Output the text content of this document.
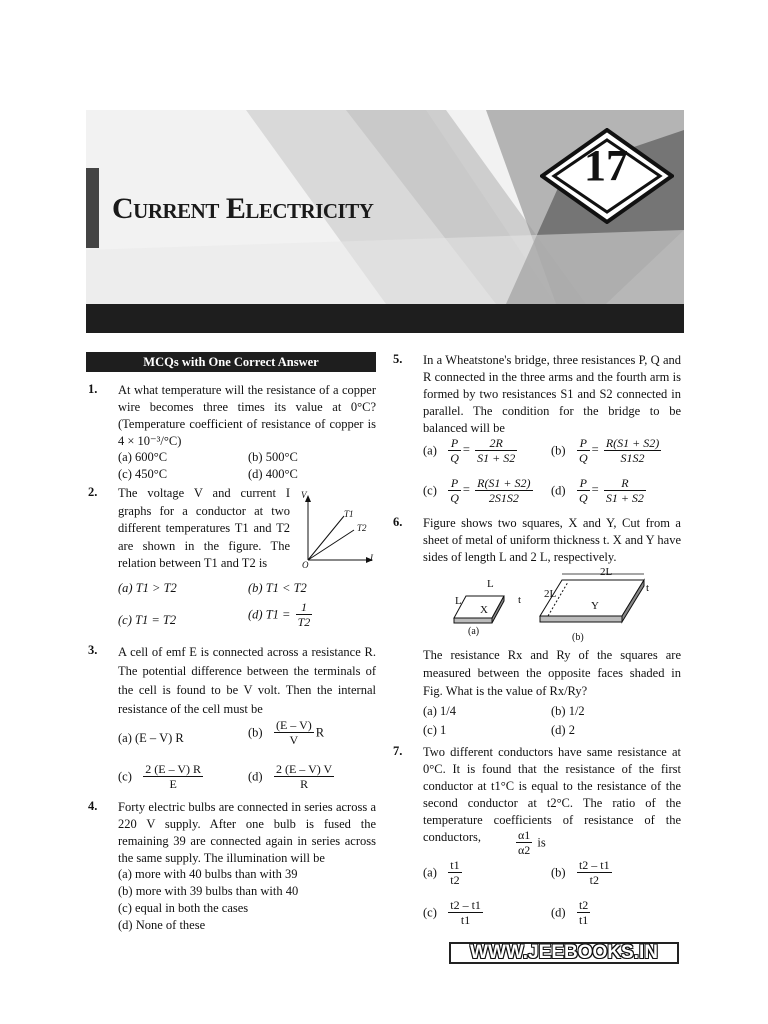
17
Current Electricity
MCQs with One Correct Answer
1. At what temperature will the resistance of a copper wire becomes three times its value at 0°C? (Temperature coefficient of resistance of copper is 4 × 10⁻³/°C)
(a) 600°C	(b) 500°C
(c) 450°C	(d) 400°C
2. The voltage V and current I graphs for a conductor at two different temperatures T1 and T2 are shown in the figure. The relation between T1 and T2 is
V
I
O
T1
T2
(a) T1 > T2	(b) T1 < T2
(c) T1 = T2	(d) $T1 = \frac{1}{T2}$
3. A cell of emf E is connected across a resistance R. The potential difference between the terminals of the cell is found to be V volt. Then the internal resistance of the cell must be
(a) (E – V) R	$(b) \frac{(E - V)}{V}$ R
$(c) \frac{2 (E - V) R}{E}$	$(d) \frac{2 (E - V) V}{R}$
4. Forty electric bulbs are connected in series across a 220 V supply. After one bulb is fused the remaining 39 are connected again in series across the same supply. The illumination will be
(a) more with 40 bulbs than with 39
(b) more with 39 bulbs than with 40
(c) equal in both the cases
(d) None of these
5. In a Wheatstone's bridge, three resistances P, Q and R connected in the three arms and the fourth arm is formed by two resistances S1 and S2 connected in parallel. The condition for the bridge to be balanced will be
$(a) \frac{P}{Q} = \frac{2R}{S1 + S2}$	$(b) \frac{P}{Q} = \frac{R(S1 + S2)}{S1S2}$
$(c) \frac{P}{Q} = \frac{R(S1 + S2)}{2S1S2} (d) \frac{P}{Q} = \frac{R}{S1 + S2}$
6. Figure shows two squares, X and Y, Cut from a sheet of metal of uniform thickness t. X and Y have sides of length L and 2 L, respectively.
L
L
X
t
(a)
2L
2L
Y
t
(b)
The resistance Rx and Ry of the squares are measured between the opposite faces shaded in Fig. What is the value of Rx/Ry?
(a) 1/4	(b) 1/2
(c) 1	(d) 2
7. Two different conductors have same resistance at 0°C. It is found that the resistance of the first conductor at t1°C is equal to the resistance of the second conductor at t2°C. The ratio of the temperature coefficients of resistance of the conductors,	$\frac{\alpha 1}{\alpha 2}$ is
$(a) \frac{t1}{t2}$	$(b) \frac{t2 - t1}{t2}$
$(c) \frac{t2 - t1}{t1}$	$(d) \frac{t2}{t1}$
WWW.JEEBOOKS.IN
